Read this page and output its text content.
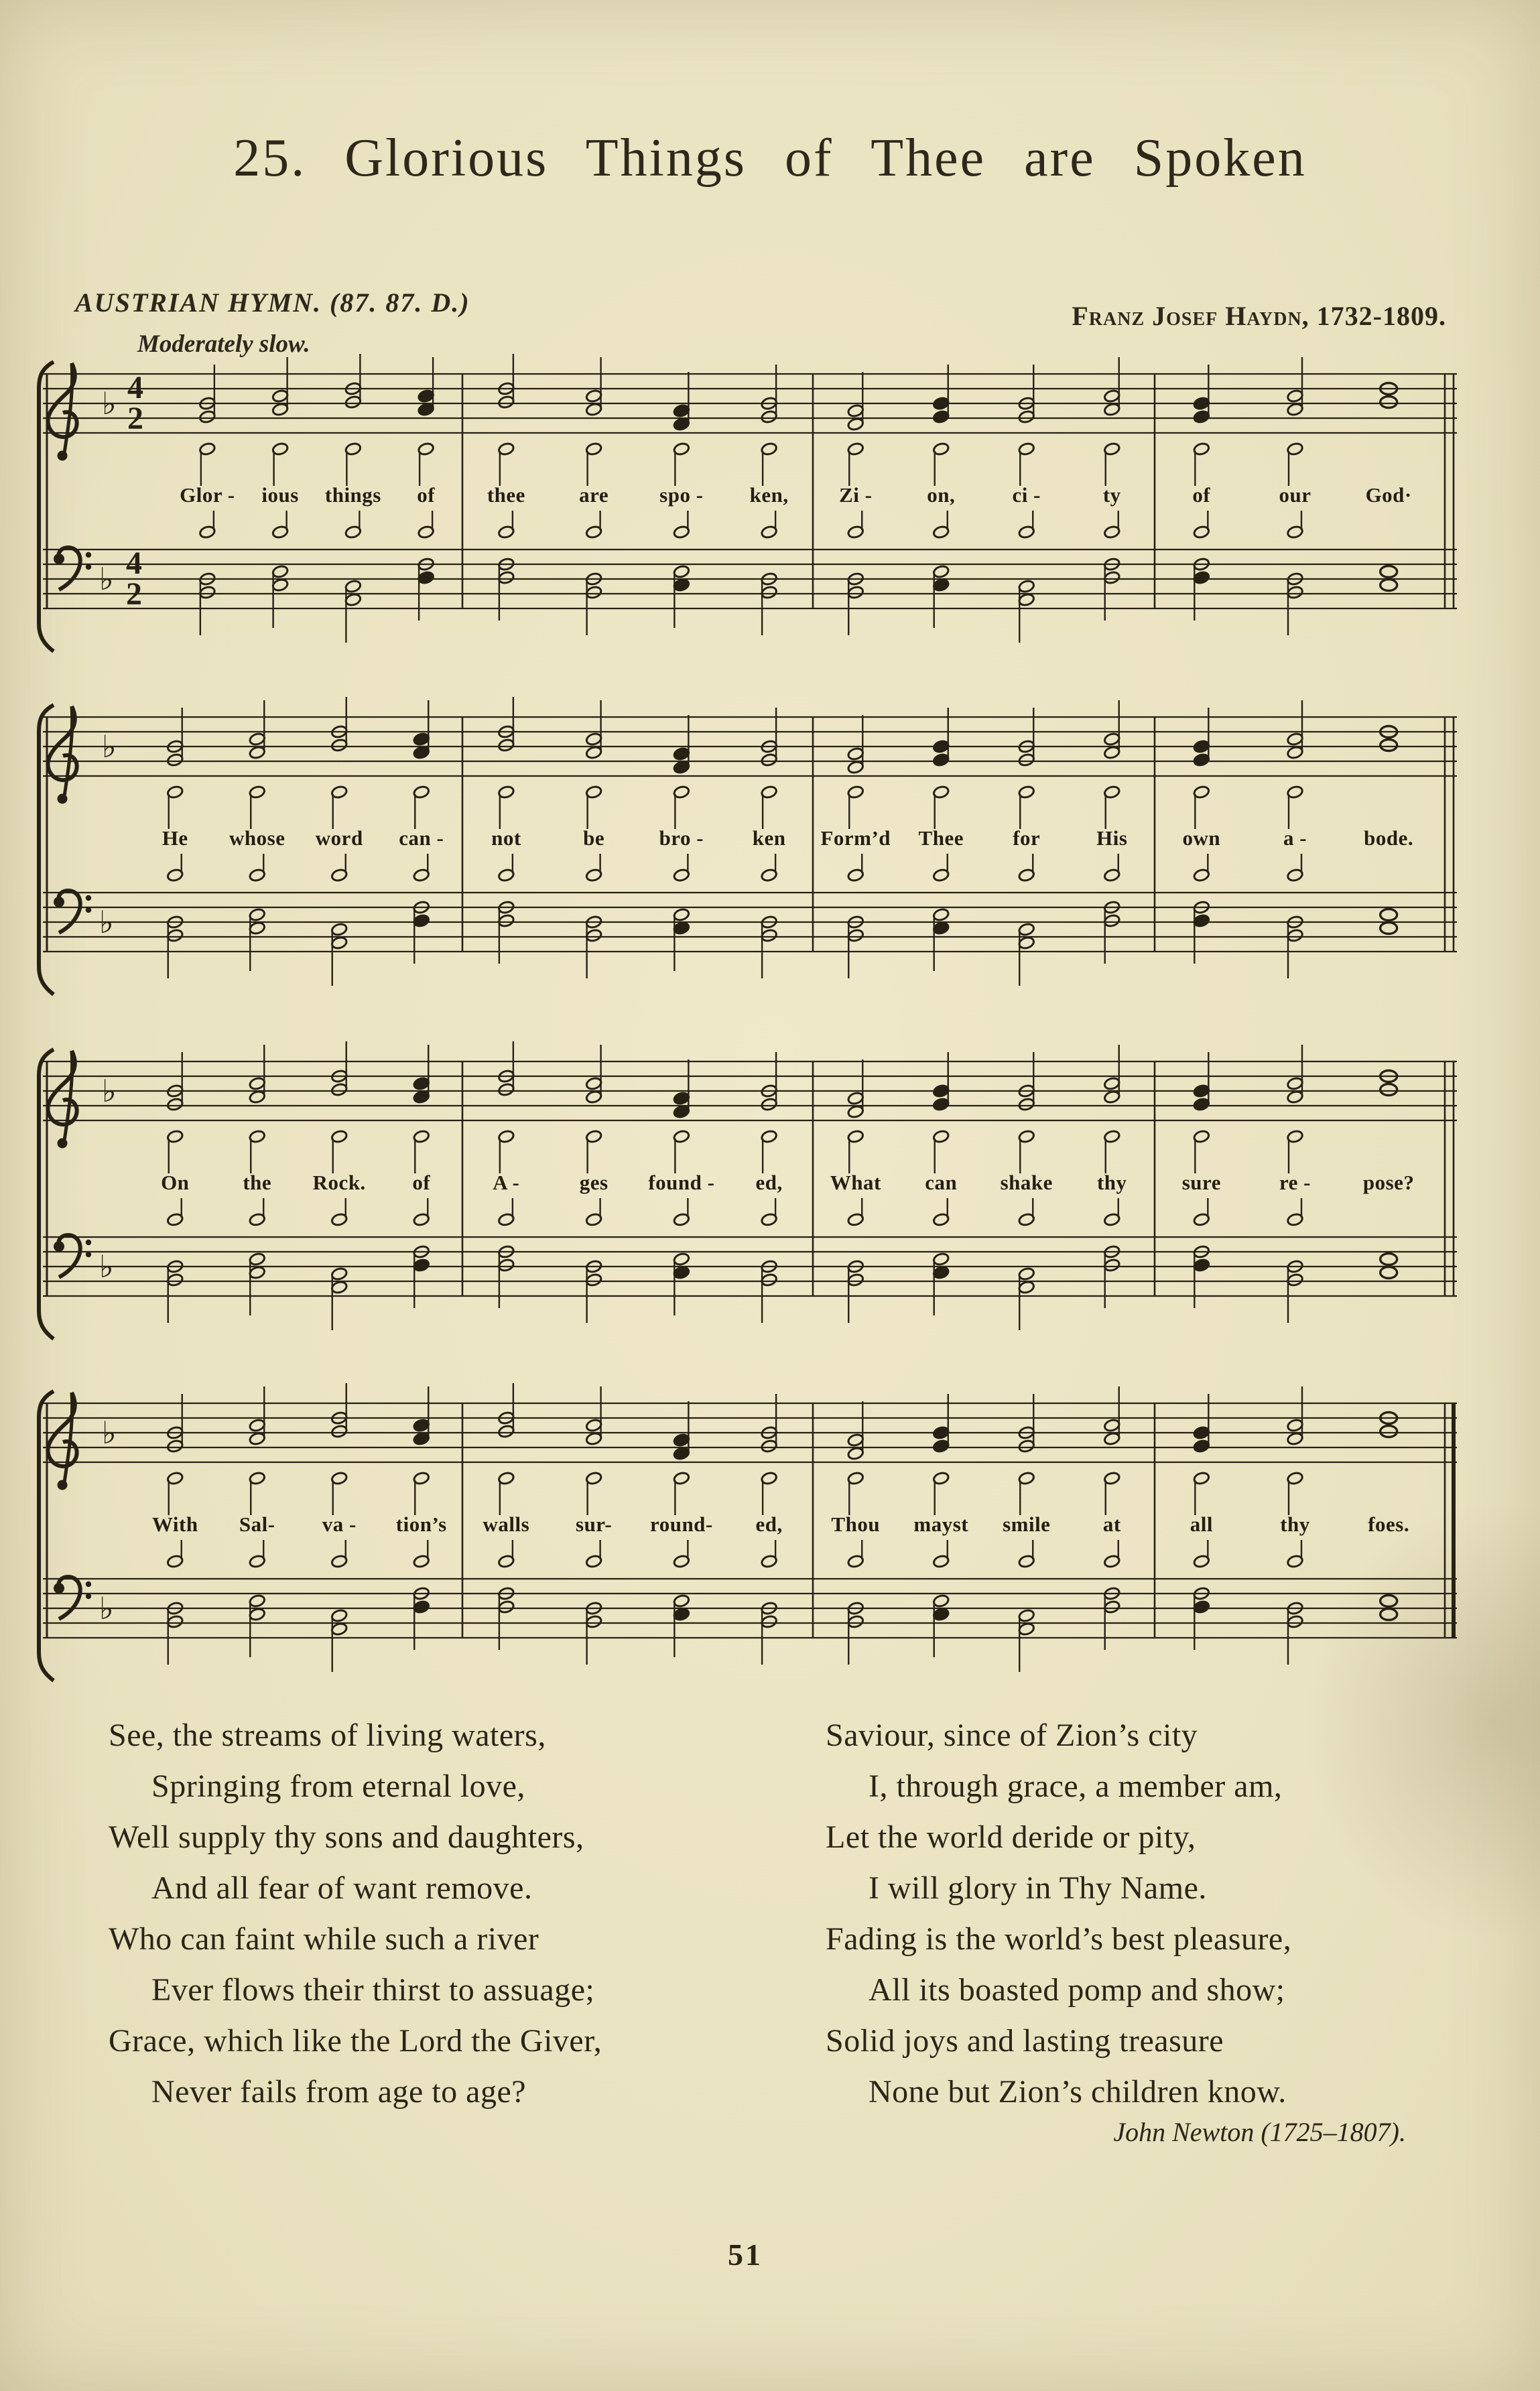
25. Glorious Things of Thee are Spoken
AUSTRIAN HYMN. (87. 87. D.)
Moderately slow.
Franz Josef Haydn, 1732-1809.
♭
♭
4
2
4
2
Glor - ious things of	thee	are spo - ken, Zi -	on,	ci -	ty	of	our	God·
♭
♭
He whose word can - not	be	bro - ken Form’d Thee for	His	own	a -	bode.
♭
♭
On	the Rock. of	A -	ges found - ed, What can shake thy	sure	re -	pose?
♭
♭
With Sal- va - tion’s walls sur- round- ed, Thou mayst smile	at	all	thy	foes.
See, the streams of living waters,
Springing from eternal love,
Well supply thy sons and daughters,
And all fear of want remove.
Who can faint while such a river
Ever flows their thirst to assuage;
Grace, which like the Lord the Giver,
Never fails from age to age?
Saviour, since of Zion’s city
I, through grace, a member am,
Let the world deride or pity,
I will glory in Thy Name.
Fading is the world’s best pleasure,
All its boasted pomp and show;
Solid joys and lasting treasure
None but Zion’s children know.
John Newton (1725–1807).
51
